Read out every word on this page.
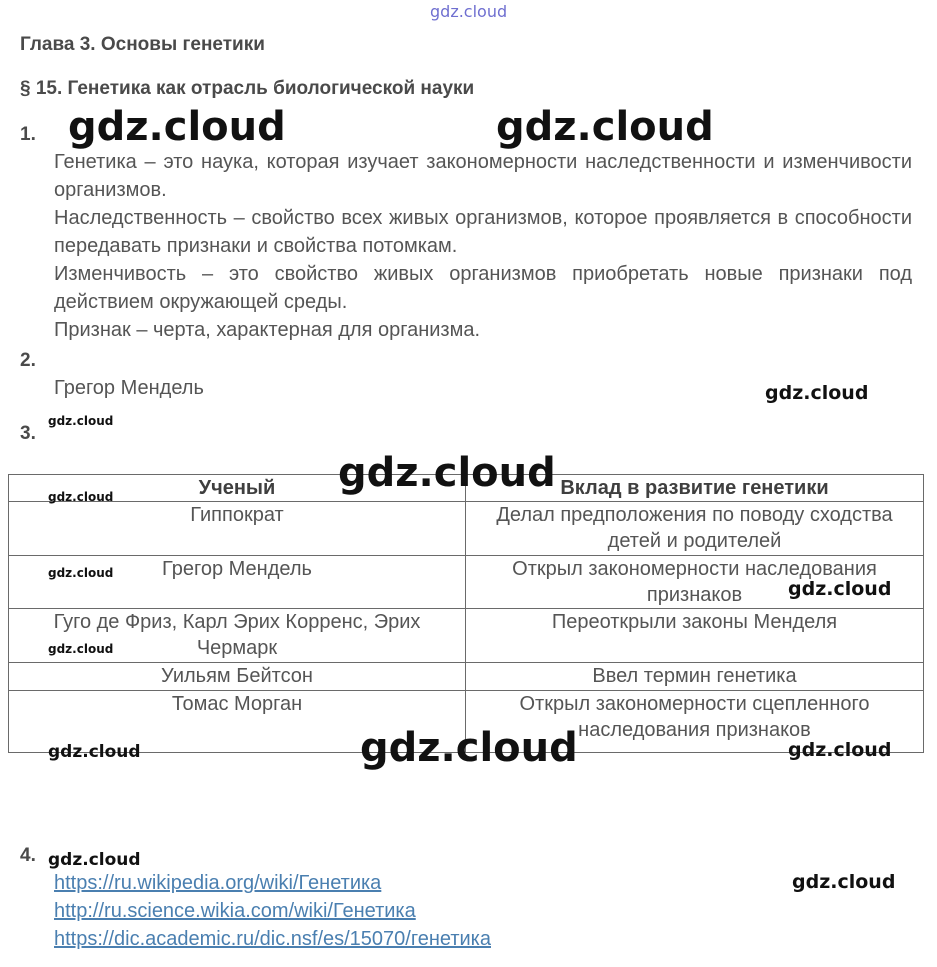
gdz.cloud
Глава 3. Основы генетики
§ 15. Генетика как отрасль биологической науки
1.

Генетика – это наука, которая изучает закономерности наследственности и изменчивости организмов.

Наследственность – свойство всех живых организмов, которое проявляется в способности передавать признаки и свойства потомкам.

Изменчивость – это свойство живых организмов приобретать новые признаки под действием окружающей среды.

Признак – черта, характерная для организма.

2.
Грегор Мендель
3.
Ученый	Вклад в развитие генетики
Гиппократ	Делал предположения по поводу сходства детей и родителей
Грегор Мендель	Открыл закономерности наследования признаков
Гуго де Фриз, Карл Эрих Корренс, Эрих Чермарк	Переоткрыли законы Менделя
Уильям Бейтсон	Ввел термин генетика
Томас Морган	Открыл закономерности сцепленного наследования признаков
4.
https://ru.wikipedia.org/wiki/Генетика
http://ru.science.wikia.com/wiki/Генетика
https://dic.academic.ru/dic.nsf/es/15070/генетика
gdz.cloud	gdz.cloud
gdz.cloud
gdz.cloud
gdz.cloud
gdz.cloud
gdz.cloud
gdz.cloud
gdz.cloud
gdz.cloud
gdz.cloud	gdz.cloud
gdz.cloud
gdz.cloud
